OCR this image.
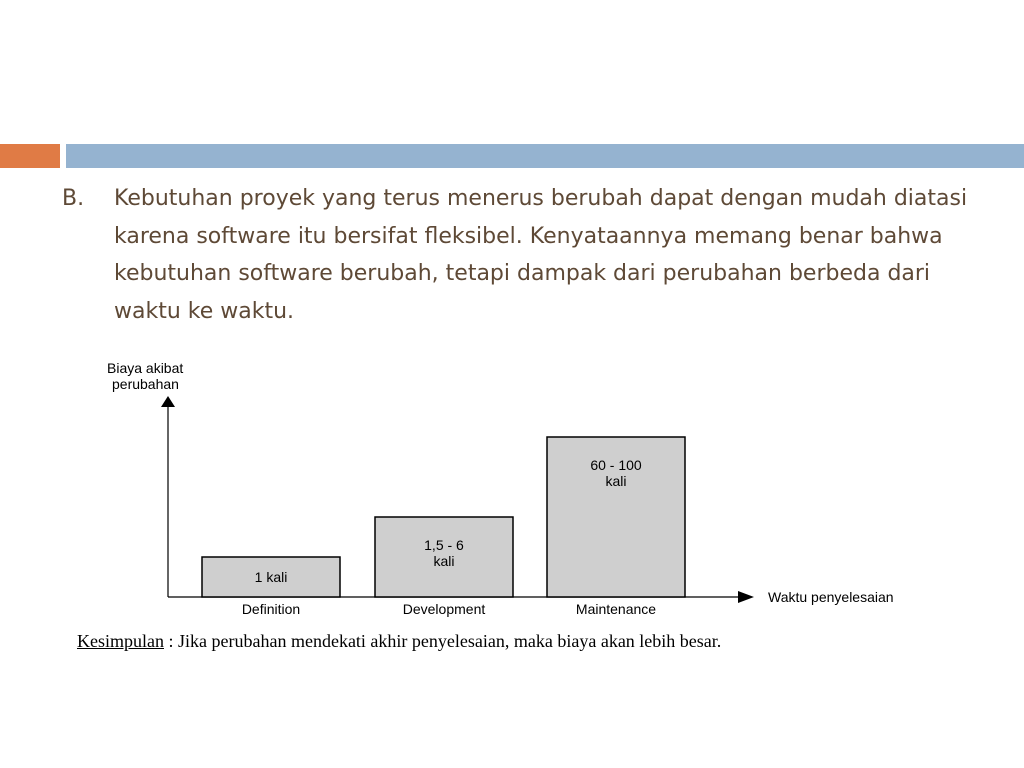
B.	Kebutuhan proyek yang terus menerus berubah dapat dengan mudah diatasi karena software itu bersifat fleksibel. Kenyataannya memang benar bahwa kebutuhan software berubah, tetapi dampak dari perubahan berbeda dari waktu ke waktu.
Biaya akibat
perubahan
Waktu penyelesaian
1 kali
Definition
1,5 - 6
kali
Development
60 - 100
kali
Maintenance
Kesimpulan : Jika perubahan mendekati akhir penyelesaian, maka biaya akan lebih besar.
